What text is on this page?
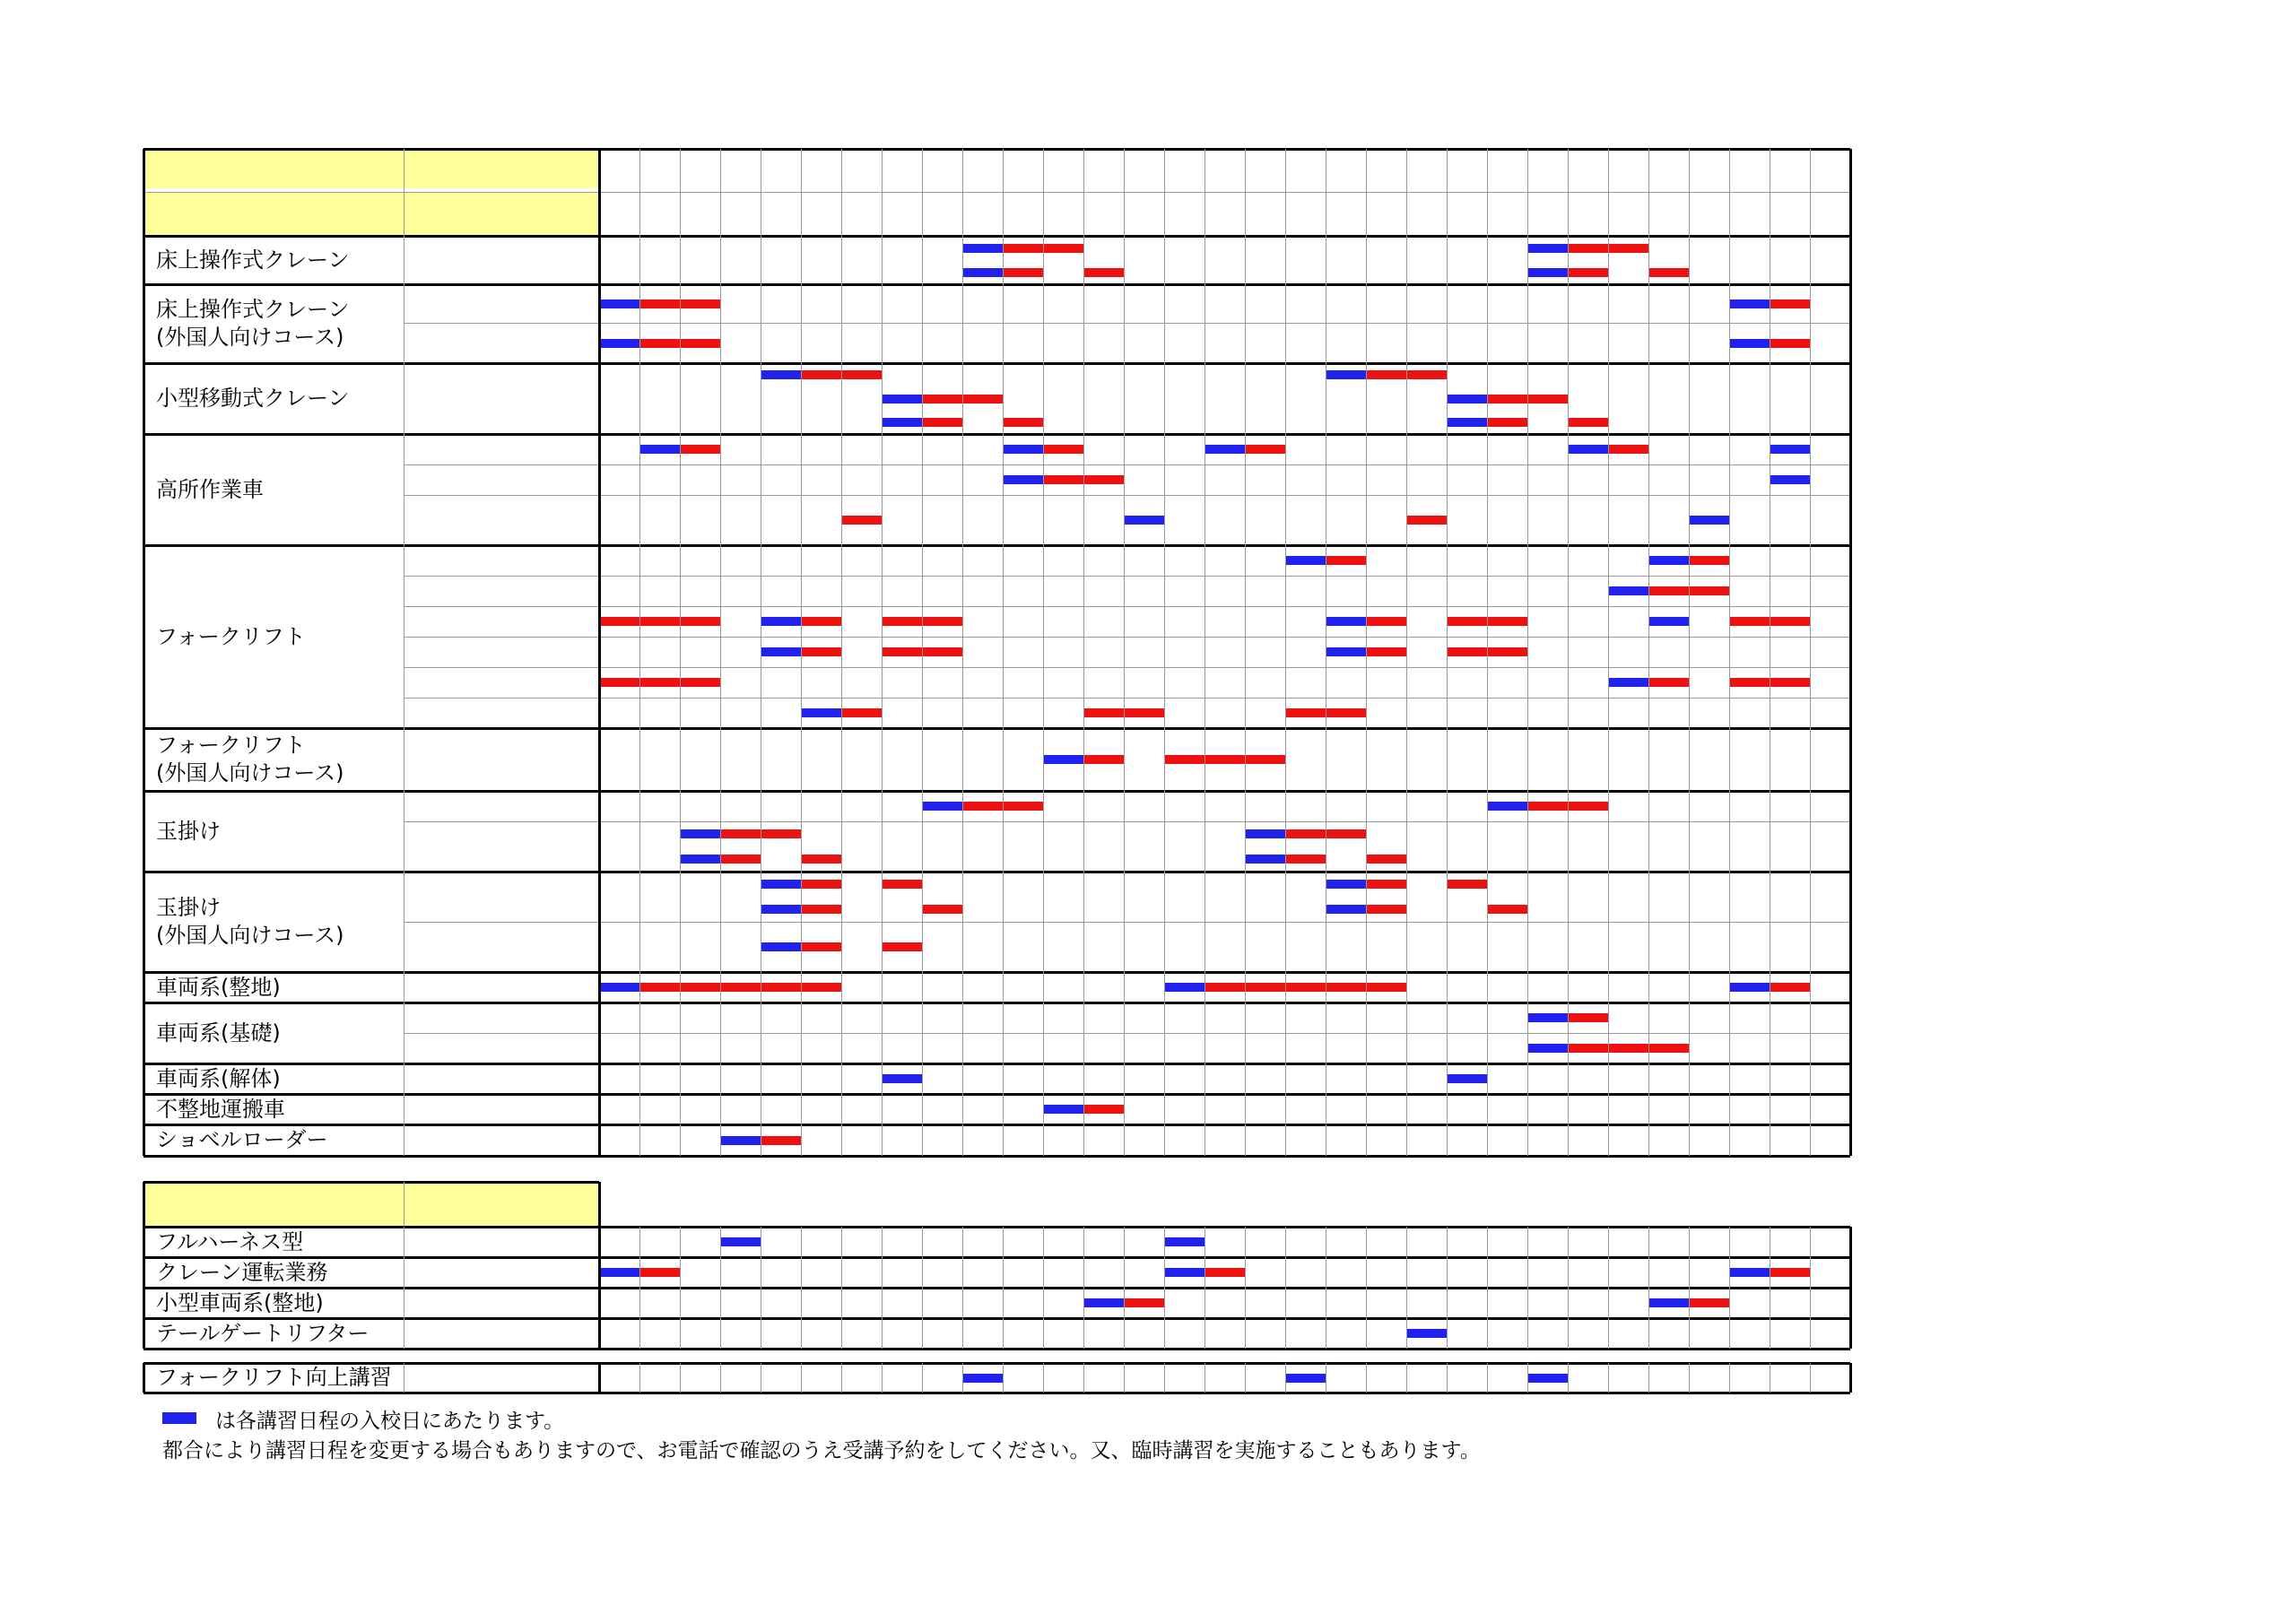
床上操作式クレーン
床上操作式クレーン
(外国人向けコース)
小型移動式クレーン
高所作業車
フォークリフト
フォークリフト
(外国人向けコース)
玉掛け
玉掛け
(外国人向けコース)
車両系(整地)
車両系(基礎)
車両系(解体)
不整地運搬車
ショベルローダー
フルハーネス型
クレーン運転業務
小型車両系(整地)
テールゲートリフター
フォークリフト向上講習
は各講習日程の入校日にあたります。
都合により講習日程を変更する場合もありますので、お電話で確認のうえ受講予約をしてください。又、臨時講習を実施することもあります。
